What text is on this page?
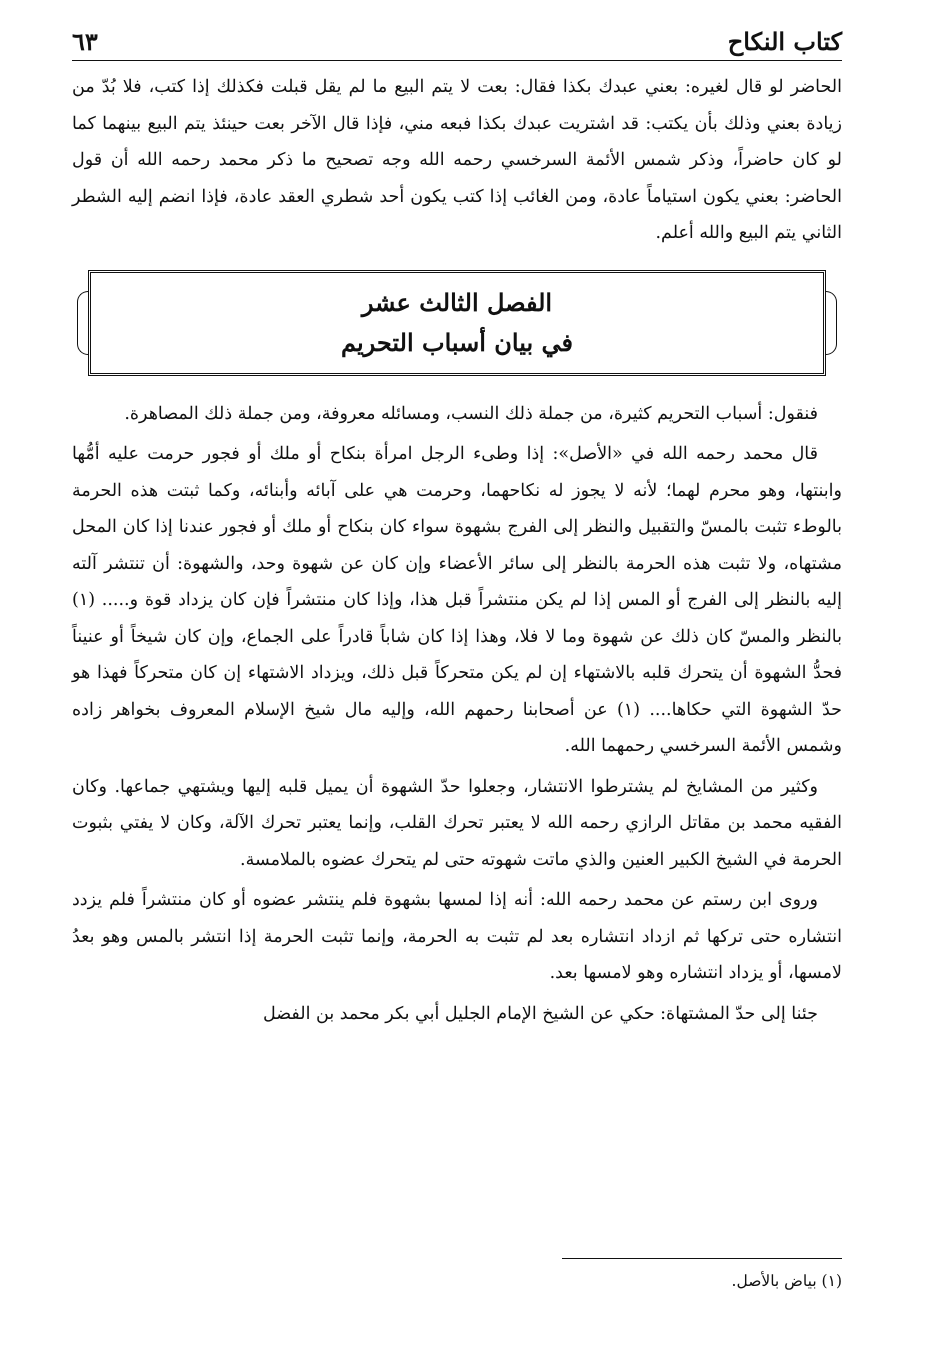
كتاب النكاح
٦٣

الحاضر لو قال لغيره: بعني عبدك بكذا فقال: بعت لا يتم البيع ما لم يقل قبلت فكذلك إذا كتب، فلا بُدّ من زيادة بعني وذلك بأن يكتب: قد اشتريت عبدك بكذا فبعه مني، فإذا قال الآخر بعت حينئذ يتم البيع بينهما كما لو كان حاضراً، وذكر شمس الأئمة السرخسي رحمه الله وجه تصحيح ما ذكر محمد رحمه الله أن قول الحاضر: بعني يكون استياماً عادة، ومن الغائب إذا كتب يكون أحد شطري العقد عادة، فإذا انضم إليه الشطر الثاني يتم البيع والله أعلم.

الفصل الثالث عشر
في بيان أسباب التحريم

فنقول: أسباب التحريم كثيرة، من جملة ذلك النسب، ومسائله معروفة، ومن جملة ذلك المصاهرة.

قال محمد رحمه الله في «الأصل»: إذا وطىء الرجل امرأة بنكاح أو ملك أو فجور حرمت عليه أمُّها وابنتها، وهو محرم لهما؛ لأنه لا يجوز له نكاحهما، وحرمت هي على آبائه وأبنائه، وكما ثبتت هذه الحرمة بالوطء تثبت بالمسّ والتقبيل والنظر إلى الفرج بشهوة سواء كان بنكاح أو ملك أو فجور عندنا إذا كان المحل مشتهاه، ولا تثبت هذه الحرمة بالنظر إلى سائر الأعضاء وإن كان عن شهوة وحد، والشهوة: أن تنتشر آلته إليه بالنظر إلى الفرج أو المس إذا لم يكن منتشراً قبل هذا، وإذا كان منتشراً فإن كان يزداد قوة و..... (١) بالنظر والمسّ كان ذلك عن شهوة وما لا فلا، وهذا إذا كان شاباً قادراً على الجماع، وإن كان شيخاً أو عنيناً فحدُّ الشهوة أن يتحرك قلبه بالاشتهاء إن لم يكن متحركاً قبل ذلك، ويزداد الاشتهاء إن كان متحركاً فهذا هو حدّ الشهوة التي حكاها.... (١) عن أصحابنا رحمهم الله، وإليه مال شيخ الإسلام المعروف بخواهر زاده وشمس الأئمة السرخسي رحمهما الله.

وكثير من المشايخ لم يشترطوا الانتشار، وجعلوا حدّ الشهوة أن يميل قلبه إليها ويشتهي جماعها. وكان الفقيه محمد بن مقاتل الرازي رحمه الله لا يعتبر تحرك القلب، وإنما يعتبر تحرك الآلة، وكان لا يفتي بثبوت الحرمة في الشيخ الكبير العنين والذي ماتت شهوته حتى لم يتحرك عضوه بالملامسة.

وروى ابن رستم عن محمد رحمه الله: أنه إذا لمسها بشهوة فلم ينتشر عضوه أو كان منتشراً فلم يزدد انتشاره حتى تركها ثم ازداد انتشاره بعد لم تثبت به الحرمة، وإنما تثبت الحرمة إذا انتشر بالمس وهو بعدُ لامسها، أو يزداد انتشاره وهو لامسها بعد.

جئنا إلى حدّ المشتهاة: حكي عن الشيخ الإمام الجليل أبي بكر محمد بن الفضل

(١) بياض بالأصل.
